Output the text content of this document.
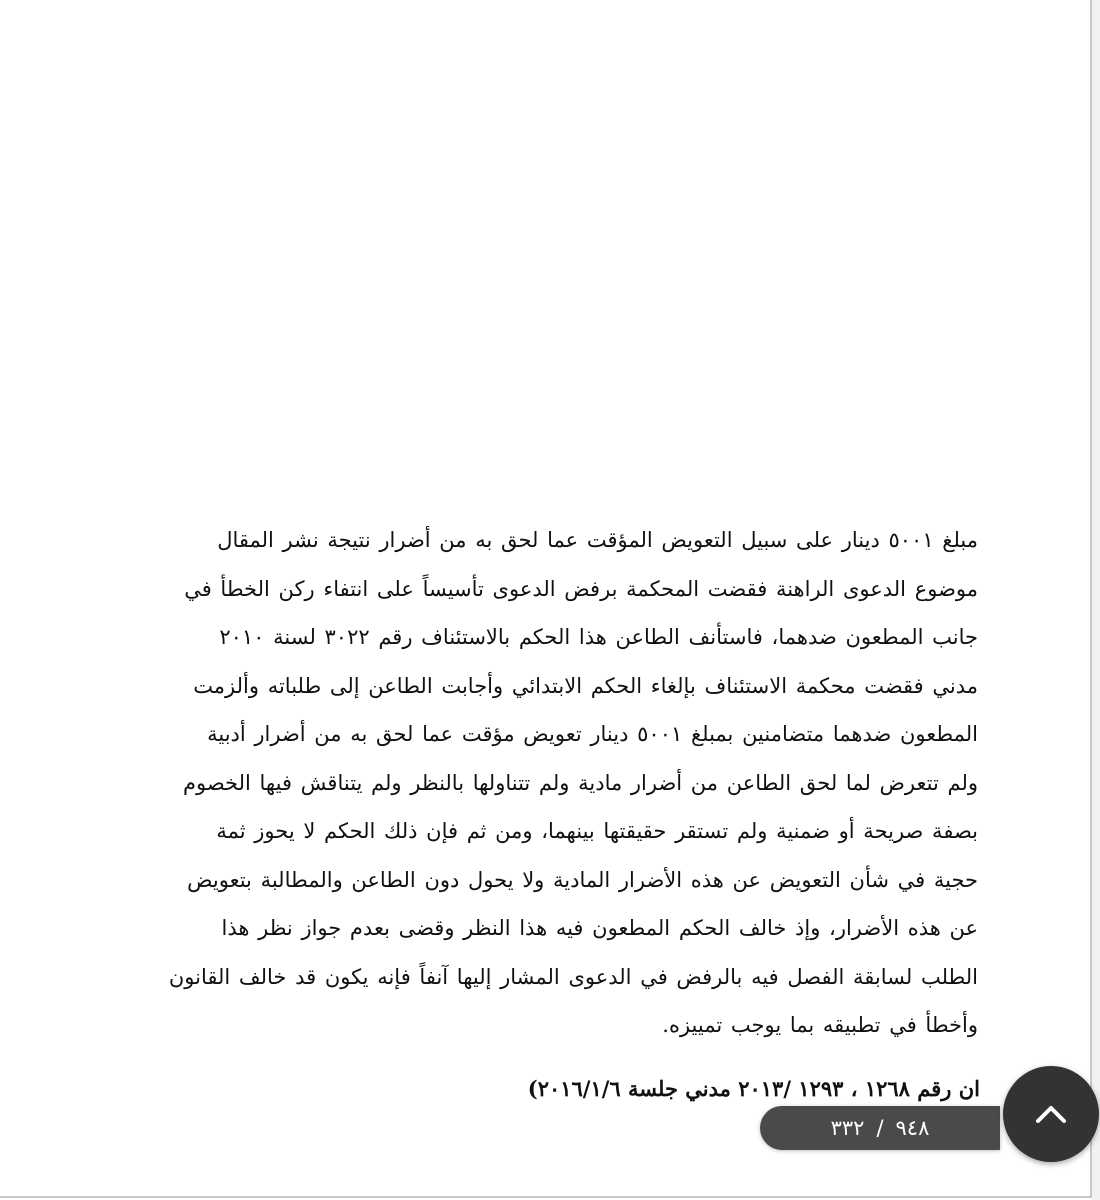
مبلغ ٥٠٠١ دينار على سبيل التعويض المؤقت عما لحق به من أضرار نتيجة نشر المقال
موضوع الدعوى الراهنة فقضت المحكمة برفض الدعوى تأسيساً على انتفاء ركن الخطأ في
جانب المطعون ضدهما، فاستأنف الطاعن هذا الحكم بالاستئناف رقم ٣٠٢٢ لسنة ٢٠١٠
مدني فقضت محكمة الاستئناف بإلغاء الحكم الابتدائي وأجابت الطاعن إلى طلباته وألزمت
المطعون ضدهما متضامنين بمبلغ ٥٠٠١ دينار تعويض مؤقت عما لحق به من أضرار أدبية
ولم تتعرض لما لحق الطاعن من أضرار مادية ولم تتناولها بالنظر ولم يتناقش فيها الخصوم
بصفة صريحة أو ضمنية ولم تستقر حقيقتها بينهما، ومن ثم فإن ذلك الحكم لا يحوز ثمة
حجية في شأن التعويض عن هذه الأضرار المادية ولا يحول دون الطاعن والمطالبة بتعويض
عن هذه الأضرار، وإذ خالف الحكم المطعون فيه هذا النظر وقضى بعدم جواز نظر هذا
الطلب لسابقة الفصل فيه بالرفض في الدعوى المشار إليها آنفاً فإنه يكون قد خالف القانون
وأخطأ في تطبيقه بما يوجب تمييزه.
ان رقم ١٢٦٨ ، ١٢٩٣ /٢٠١٣ مدني جلسة ٢٠١٦/١/٦)
٣٣٢ / ٩٤٨
